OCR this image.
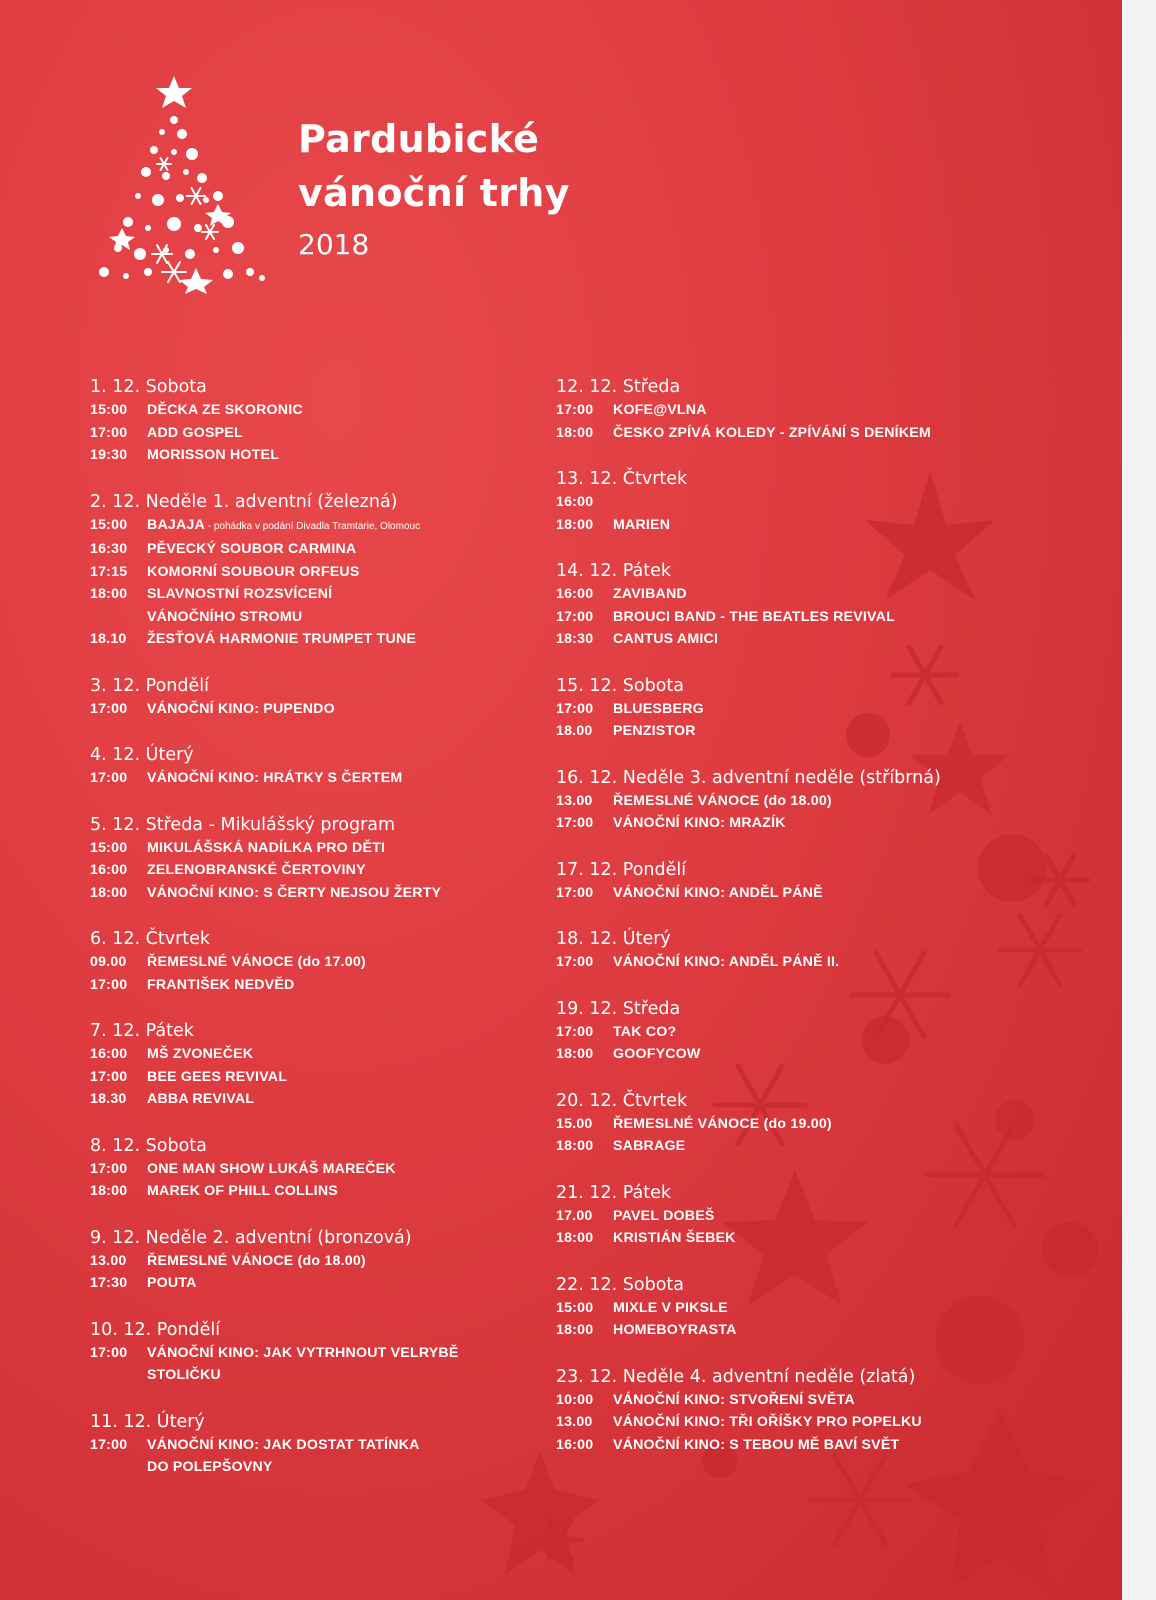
Pardubické
vánoční trhy
2018
1. 12. Sobota
15:00	DĚCKA ZE SKORONIC
17:00	ADD GOSPEL
19:30	MORISSON HOTEL
2. 12. Neděle 1. adventní (železná)
15:00	BAJAJA - pohádka v podání Divadla Tramtarie, Olomouc
16:30	PĚVECKÝ SOUBOR CARMINA
17:15	KOMORNÍ SOUBOUR ORFEUS
18:00	SLAVNOSTNÍ ROZSVÍCENÍ
VÁNOČNÍHO STROMU
18.10	ŽESŤOVÁ HARMONIE TRUMPET TUNE
3. 12. Pondělí
17:00	VÁNOČNÍ KINO: PUPENDO
4. 12. Úterý
17:00	VÁNOČNÍ KINO: HRÁTKY S ČERTEM
5. 12. Středa - Mikulášský program
15:00	MIKULÁŠSKÁ NADÍLKA PRO DĚTI
16:00	ZELENOBRANSKÉ ČERTOVINY
18:00	VÁNOČNÍ KINO: S ČERTY NEJSOU ŽERTY
6. 12. Čtvrtek
09.00	ŘEMESLNÉ VÁNOCE (do 17.00)
17:00	FRANTIŠEK NEDVĚD
7. 12. Pátek
16:00	MŠ ZVONEČEK
17:00	BEE GEES REVIVAL
18.30	ABBA REVIVAL
8. 12. Sobota
17:00	ONE MAN SHOW LUKÁŠ MAREČEK
18:00	MAREK OF PHILL COLLINS
9. 12. Neděle 2. adventní (bronzová)
13.00	ŘEMESLNÉ VÁNOCE (do 18.00)
17:30	POUTA
10. 12. Pondělí
17:00	VÁNOČNÍ KINO: JAK VYTRHNOUT VELRYBĚ
STOLIČKU
11. 12. Úterý
17:00	VÁNOČNÍ KINO: JAK DOSTAT TATÍNKA
DO POLEPŠOVNY
12. 12. Středa
17:00	KOFE@VLNA
18:00	ČESKO ZPÍVÁ KOLEDY - ZPÍVÁNÍ S DENÍKEM
13. 12. Čtvrtek
16:00
18:00	MARIEN
14. 12. Pátek
16:00	ZAVIBAND
17:00	BROUCI BAND - THE BEATLES REVIVAL
18:30	CANTUS AMICI
15. 12. Sobota
17:00	BLUESBERG
18.00	PENZISTOR
16. 12. Neděle 3. adventní neděle (stříbrná)
13.00	ŘEMESLNÉ VÁNOCE (do 18.00)
17:00	VÁNOČNÍ KINO: MRAZÍK
17. 12. Pondělí
17:00	VÁNOČNÍ KINO: ANDĚL PÁNĚ
18. 12. Úterý
17:00	VÁNOČNÍ KINO: ANDĚL PÁNĚ II.
19. 12. Středa
17:00	TAK CO?
18:00	GOOFYCOW
20. 12. Čtvrtek
15.00	ŘEMESLNÉ VÁNOCE (do 19.00)
18:00	SABRAGE
21. 12. Pátek
17.00	PAVEL DOBEŠ
18:00	KRISTIÁN ŠEBEK
22. 12. Sobota
15:00	MIXLE V PIKSLE
18:00	HOMEBOYRASTA
23. 12. Neděle 4. adventní neděle (zlatá)
10:00	VÁNOČNÍ KINO: STVOŘENÍ SVĚTA
13.00	VÁNOČNÍ KINO: TŘI OŘÍŠKY PRO POPELKU
16:00	VÁNOČNÍ KINO: S TEBOU MĚ BAVÍ SVĚT
